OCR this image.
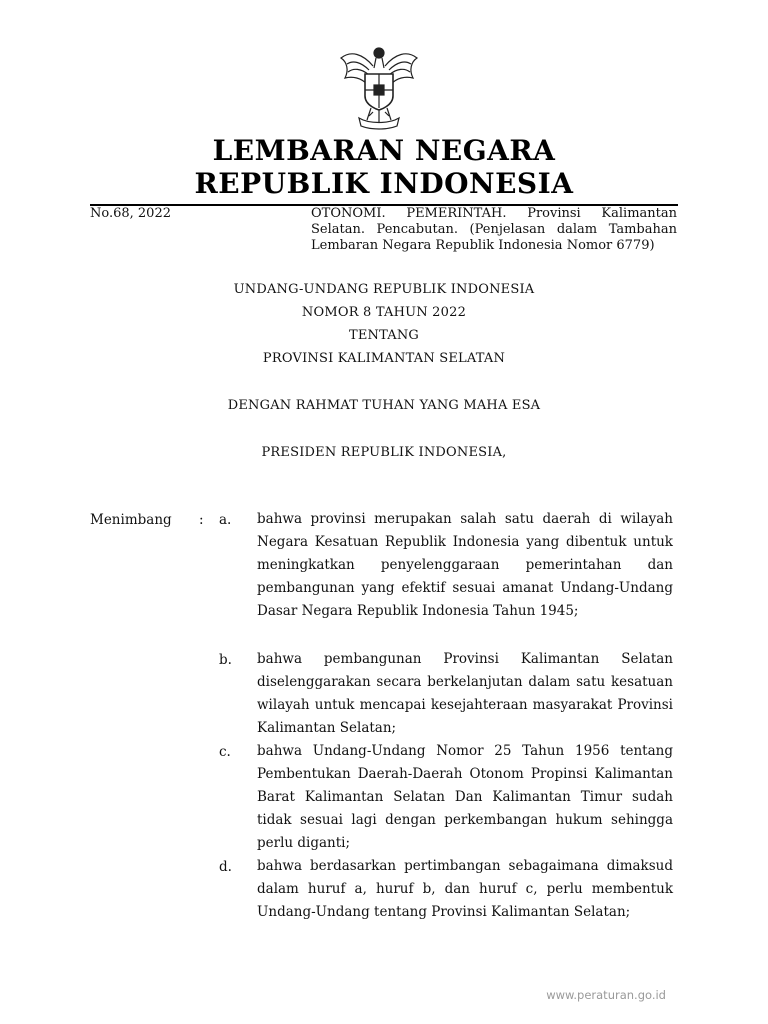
LEMBARAN NEGARA
REPUBLIK INDONESIA
No.68, 2022	OTONOMI. PEMERINTAH. Provinsi Kalimantan Selatan. Pencabutan. (Penjelasan dalam Tambahan Lembaran Negara Republik Indonesia Nomor 6779)
UNDANG-UNDANG REPUBLIK INDONESIA
NOMOR 8 TAHUN 2022
TENTANG
PROVINSI KALIMANTAN SELATAN
DENGAN RAHMAT TUHAN YANG MAHA ESA
PRESIDEN REPUBLIK INDONESIA,
Menimbang : a. bahwa provinsi merupakan salah satu daerah di wilayah Negara Kesatuan Republik Indonesia yang dibentuk untuk meningkatkan penyelenggaraan pemerintahan dan pembangunan yang efektif sesuai amanat Undang-Undang Dasar Negara Republik Indonesia Tahun 1945;
b. bahwa pembangunan Provinsi Kalimantan Selatan diselenggarakan secara berkelanjutan dalam satu kesatuan wilayah untuk mencapai kesejahteraan masyarakat Provinsi Kalimantan Selatan;
c. bahwa Undang-Undang Nomor 25 Tahun 1956 tentang Pembentukan Daerah-Daerah Otonom Propinsi Kalimantan Barat Kalimantan Selatan Dan Kalimantan Timur sudah tidak sesuai lagi dengan perkembangan hukum sehingga perlu diganti;
d. bahwa berdasarkan pertimbangan sebagaimana dimaksud dalam huruf a, huruf b, dan huruf c, perlu membentuk Undang-Undang tentang Provinsi Kalimantan Selatan;
www.peraturan.go.id
